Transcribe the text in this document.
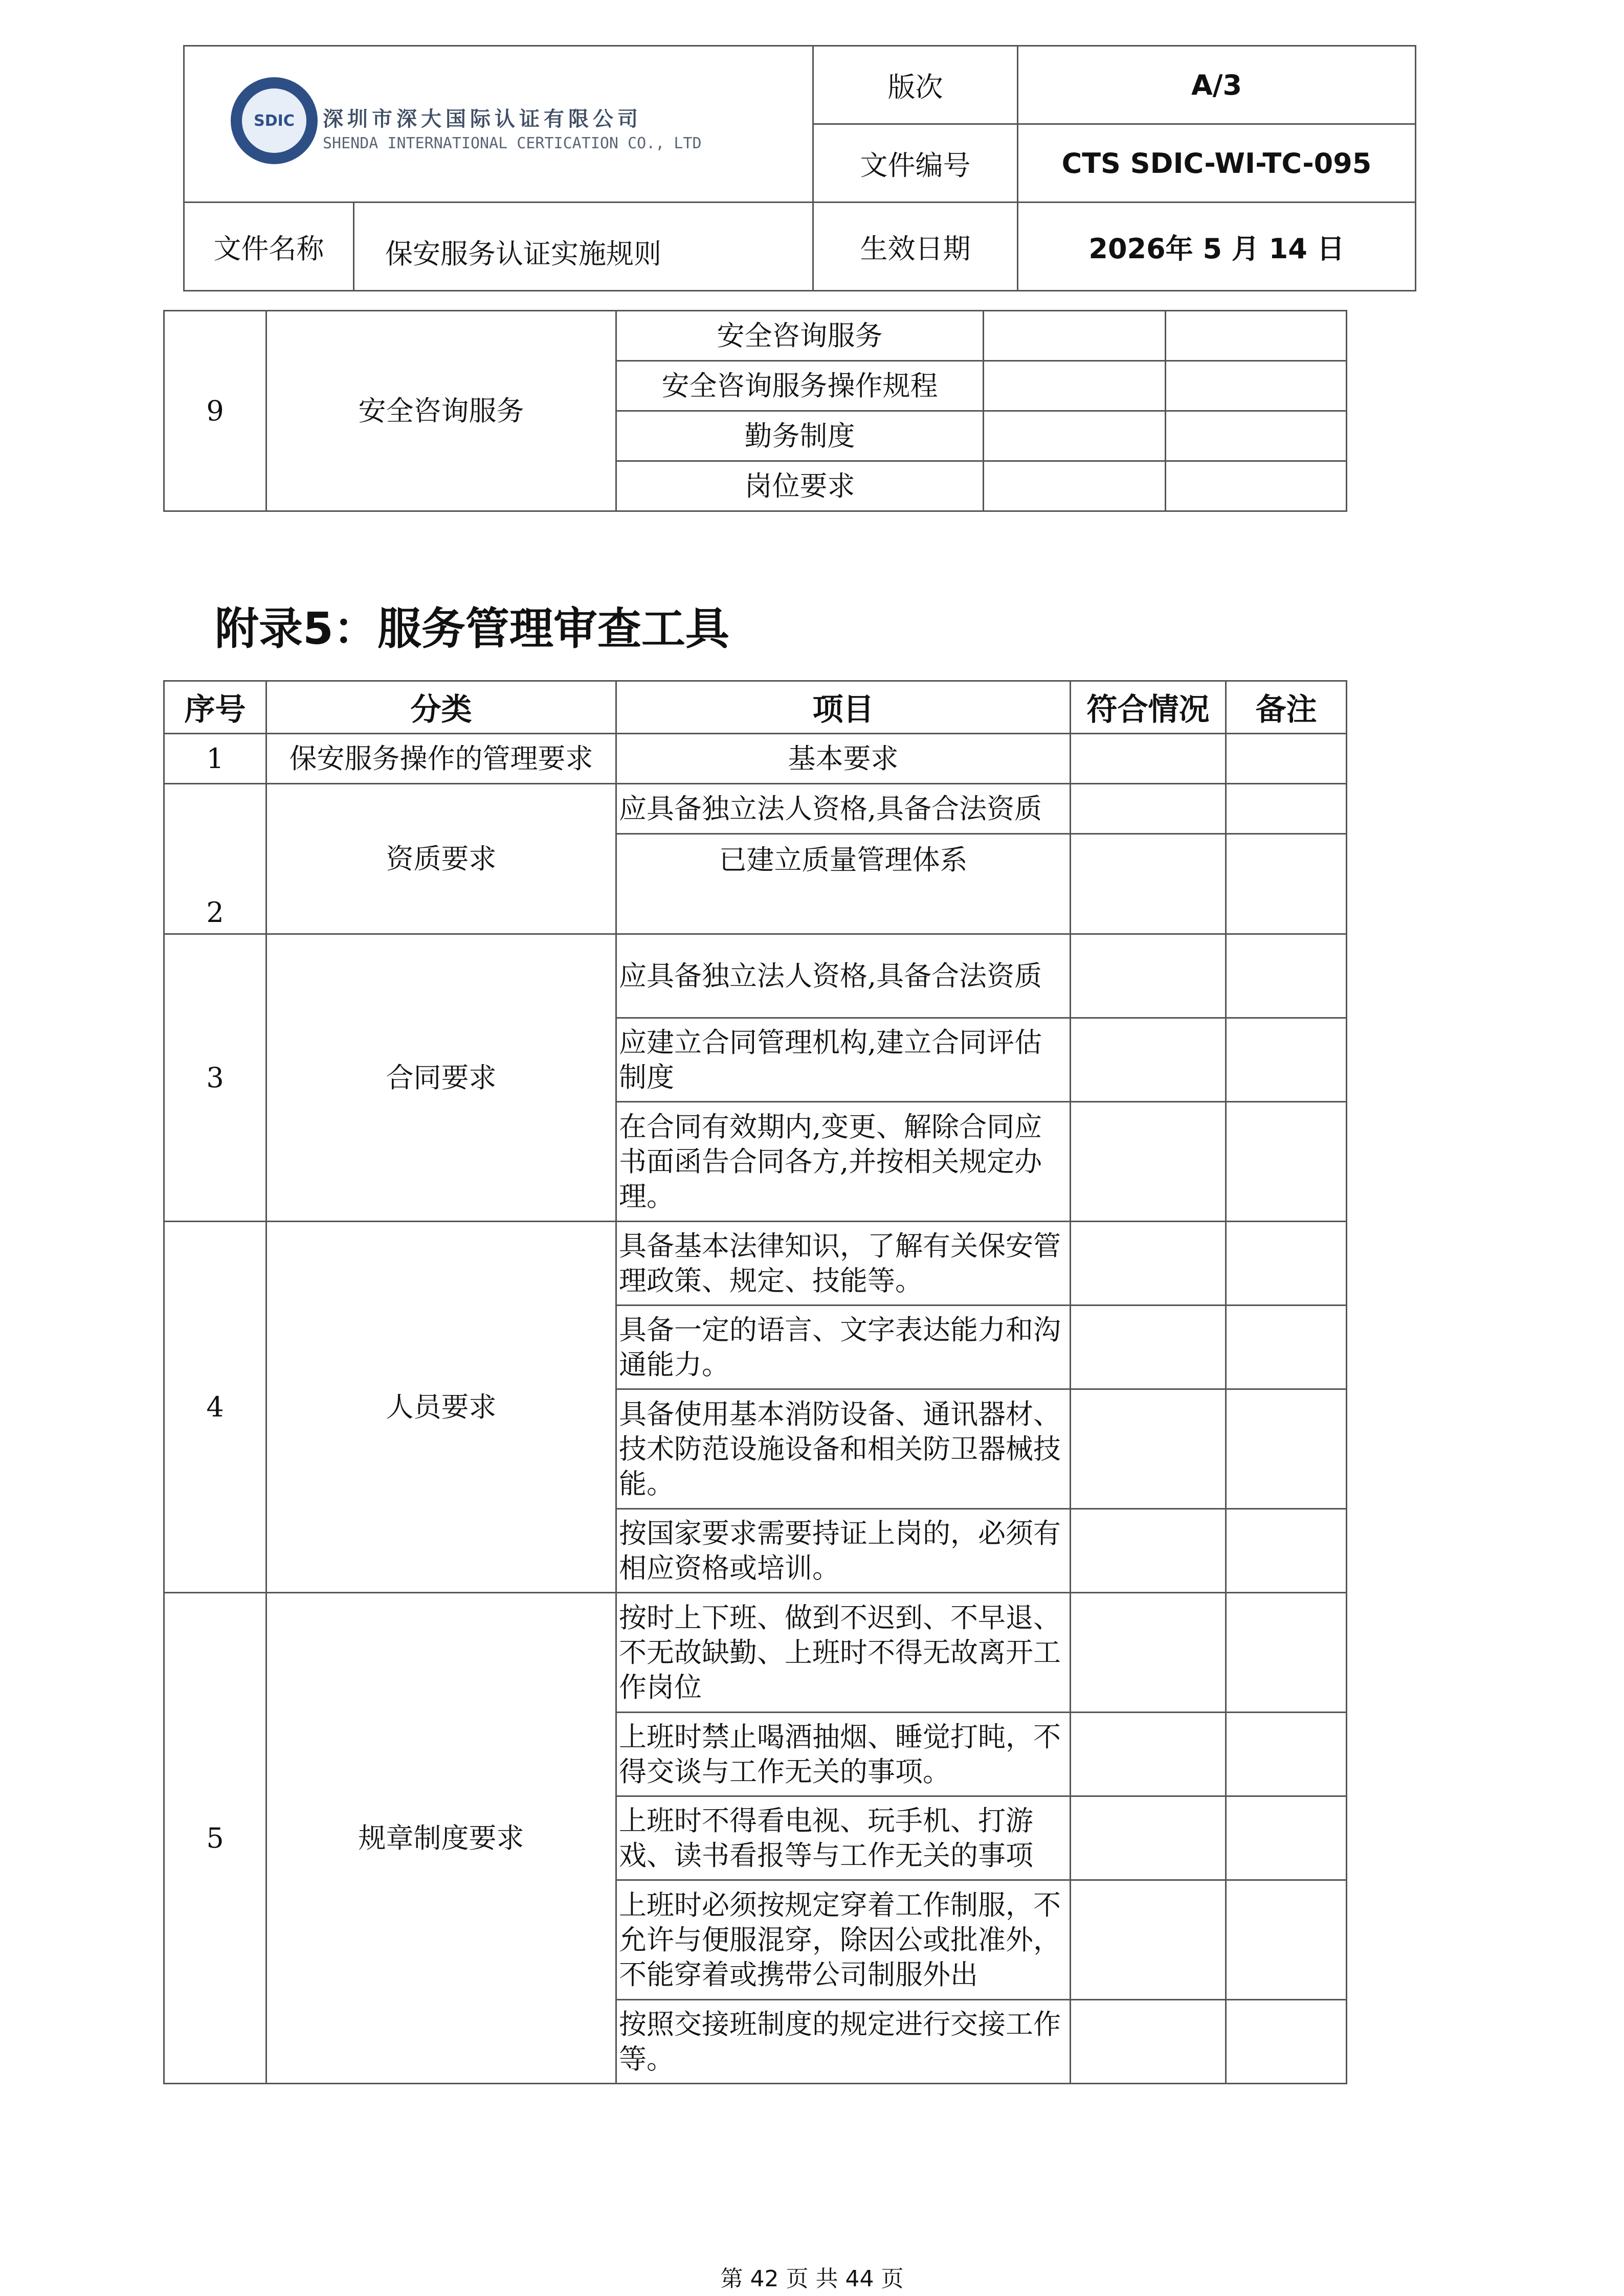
SDIC 深圳市深大国际认证有限公司
SHENDA INTERNATIONAL CERTICATION CO., LTD		版次	A/3
		文件编号	CTS SDIC-WI-TC-095
文件名称	保安服务认证实施规则	生效日期	2026年 5 月 14 日
9	安全咨询服务	安全咨询服务		
		安全咨询服务操作规程		
		勤务制度		
		岗位要求		
附录5：服务管理审查工具
序号	分类	项目	符合情况	备注
1	保安服务操作的管理要求	基本要求		
2	资质要求	应具备独立法人资格,具备合法资质		
		已建立质量管理体系		
3	合同要求	应具备独立法人资格,具备合法资质		
		应建立合同管理机构,建立合同评估制度		
		在合同有效期内,变更、解除合同应书面函告合同各方,并按相关规定办理。		
4	人员要求	具备基本法律知识，了解有关保安管理政策、规定、技能等。		
		具备一定的语言、文字表达能力和沟通能力。		
		具备使用基本消防设备、通讯器材、技术防范设施设备和相关防卫器械技能。		
		按国家要求需要持证上岗的，必须有相应资格或培训。		
5	规章制度要求	按时上下班、做到不迟到、不早退、不无故缺勤、上班时不得无故离开工作岗位		
		上班时禁止喝酒抽烟、睡觉打盹，不得交谈与工作无关的事项。		
		上班时不得看电视、玩手机、打游戏、读书看报等与工作无关的事项		
		上班时必须按规定穿着工作制服，不允许与便服混穿，除因公或批准外，不能穿着或携带公司制服外出		
		按照交接班制度的规定进行交接工作等。		
第 42 页 共 44 页
